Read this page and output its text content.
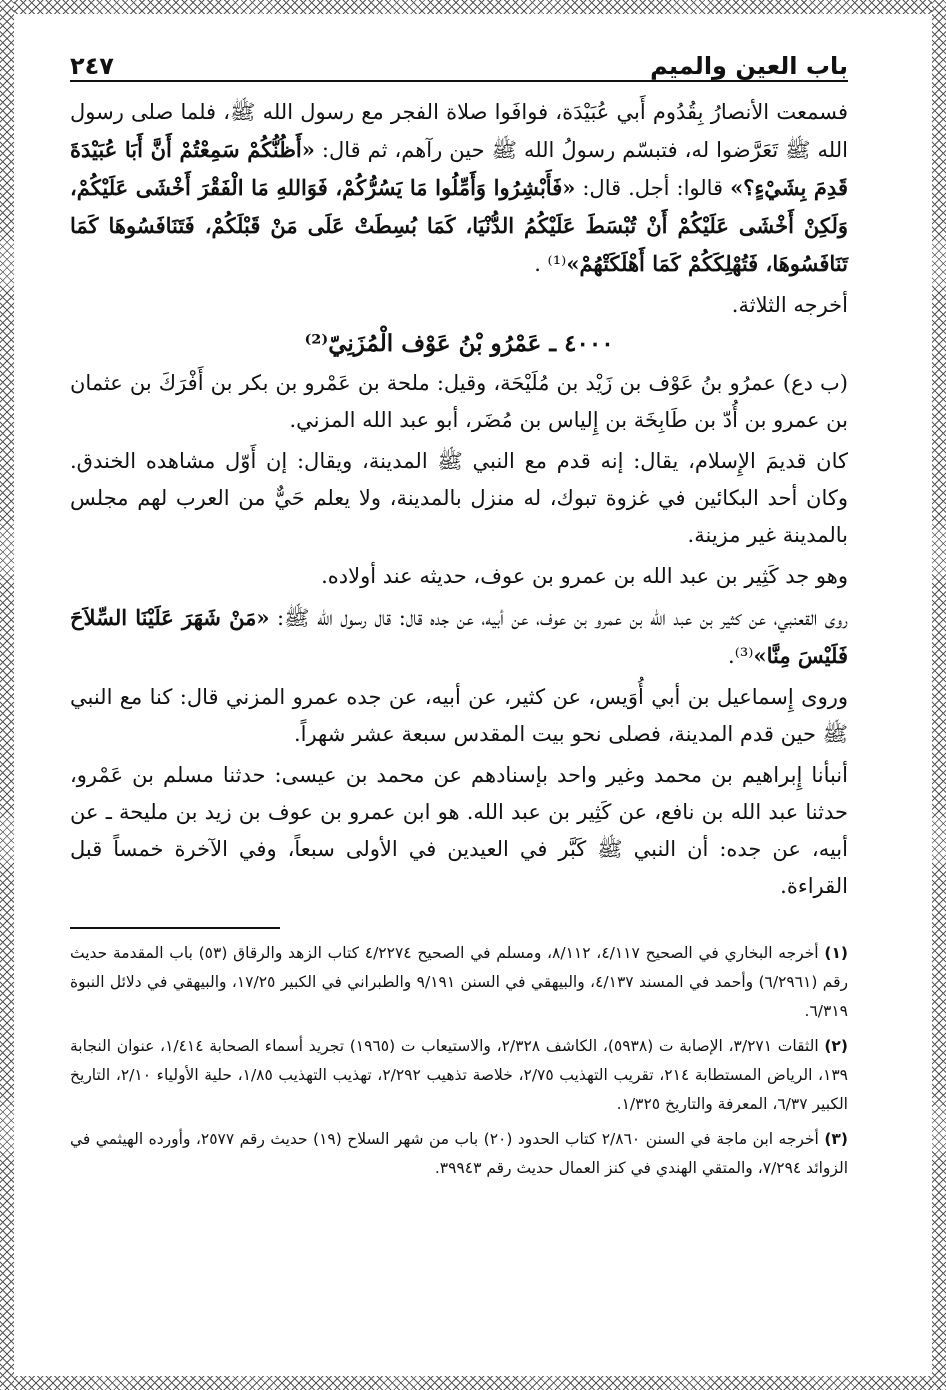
باب العين والميم
٢٤٧

فسمعت الأنصارُ بِقُدُوم أَبي عُبَيْدَة، فوافَوا صلاة الفجر مع رسول الله ﷺ، فلما صلى رسول الله ﷺ تَعَرَّضوا له، فتبسّم رسولُ الله ﷺ حين رآهم، ثم قال: «أَظُنُّكُمْ سَمِعْتُمْ أَنَّ أَبَا عُبَيْدَةَ قَدِمَ بِشَيْءٍ؟» قالوا: أجل. قال: «فَأَبْشِرُوا وَأَمِّلُوا مَا يَسُرُّكُمْ، فَوَاللهِ مَا الْفَقْرَ أَخْشَى عَلَيْكُمْ، وَلَكِنْ أَخْشَى عَلَيْكُمْ أَنْ تُبْسَطَ عَلَيْكُمُ الدُّنْيَا، كَمَا بُسِطَتْ عَلَى مَنْ قَبْلَكُمْ، فَتَنَافَسُوهَا كَمَا تَنَافَسُوهَا، فَتُهْلِكَكُمْ كَمَا أَهْلَكَتْهُمْ»⁽¹⁾ .

أخرجه الثلاثة.

٤٠٠٠ ـ عَمْرُو بْنُ عَوْف الْمُزَنِيّ⁽²⁾

(ب دع) عمرُو بنُ عَوْف بن زَيْد بن مُلَيْحَة، وقيل: ملحة بن عَمْرو بن بكر بن أَفْرَكَ بن عثمان بن عمرو بن أُدّ بن طَابِخَة بن إِلياس بن مُضَر، أبو عبد الله المزني.

كان قديمَ الإِسلام، يقال: إنه قدم مع النبي ﷺ المدينة، ويقال: إن أَوّل مشاهده الخندق. وكان أحد البكائين في غزوة تبوك، له منزل بالمدينة، ولا يعلم حَيٌّ من العرب لهم مجلس بالمدينة غير مزينة.

وهو جد كَثِير بن عبد الله بن عمرو بن عوف، حديثه عند أولاده.

روى القعنبي، عن كثير بن عبد الله بن عمرو بن عوف، عن أبيه، عن جده قال: قال رسول الله ﷺ: «مَنْ شَهَرَ عَلَيْنَا السِّلاَحَ فَلَيْسَ مِنَّا»⁽³⁾.

وروى إِسماعيل بن أبي أُوَيس، عن كثير، عن أبيه، عن جده عمرو المزني قال: كنا مع النبي ﷺ حين قدم المدينة، فصلى نحو بيت المقدس سبعة عشر شهراً.

أنبأنا إِبراهيم بن محمد وغير واحد بإسنادهم عن محمد بن عيسى: حدثنا مسلم بن عَمْرو، حدثنا عبد الله بن نافع، عن كَثِير بن عبد الله. هو ابن عمرو بن عوف بن زيد بن مليحة ـ عن أبيه، عن جده: أن النبي ﷺ كَبَّر في العيدين في الأولى سبعاً، وفي الآخرة خمساً قبل القراءة.

(١) أخرجه البخاري في الصحيح ٤/١١٧، ٨/١١٢، ومسلم في الصحيح ٤/٢٢٧٤ كتاب الزهد والرقاق (٥٣) باب المقدمة حديث رقم (٦/٢٩٦١) وأحمد في المسند ٤/١٣٧، والبيهقي في السنن ٩/١٩١ والطبراني في الكبير ١٧/٢٥، والبيهقي في دلائل النبوة ٦/٣١٩.

(٢) الثقات ٣/٢٧١، الإصابة ت (٥٩٣٨)، الكاشف ٢/٣٢٨، والاستيعاب ت (١٩٦٥) تجريد أسماء الصحابة ١/٤١٤، عنوان النجابة ١٣٩، الرياض المستطابة ٢١٤، تقريب التهذيب ٢/٧٥، خلاصة تذهيب ٢/٢٩٢، تهذيب التهذيب ١/٨٥، حلية الأولياء ٢/١٠، التاريخ الكبير ٦/٣٧، المعرفة والتاريخ ١/٣٢٥.

(٣) أخرجه ابن ماجة في السنن ٢/٨٦٠ كتاب الحدود (٢٠) باب من شهر السلاح (١٩) حديث رقم ٢٥٧٧، وأورده الهيثمي في الزوائد ٧/٢٩٤، والمتقي الهندي في كنز العمال حديث رقم ٣٩٩٤٣.
